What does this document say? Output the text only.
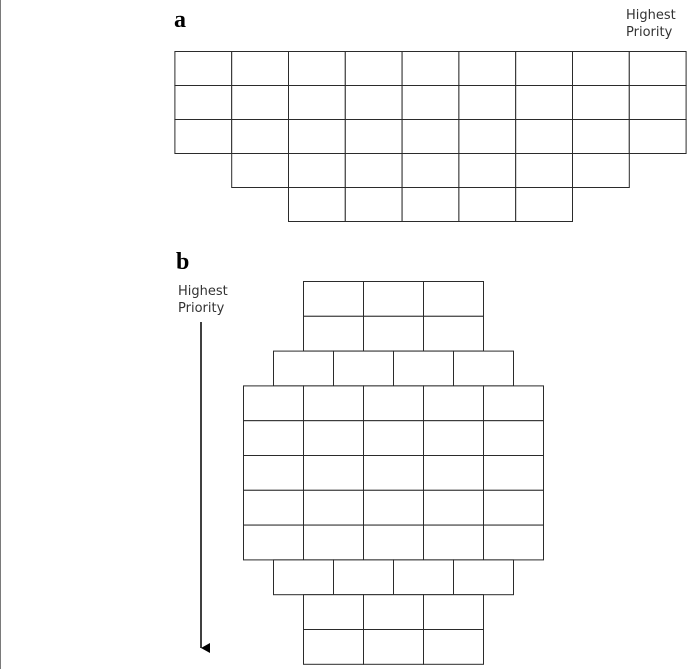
a	Highest
Priority
b
Highest
Priority
